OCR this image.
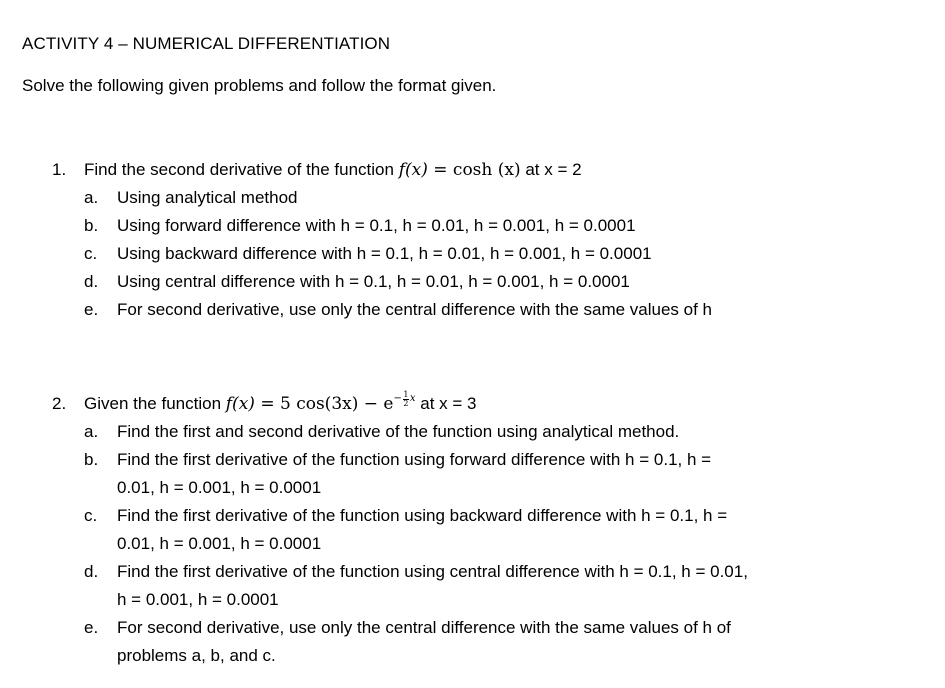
ACTIVITY 4 – NUMERICAL DIFFERENTIATION
Solve the following given problems and follow the format given.
1. Find the second derivative of the function f(x) = cosh (x) at x = 2
a.	Using analytical method
b.	Using forward difference with h = 0.1, h = 0.01, h = 0.001, h = 0.0001
c.	Using backward difference with h = 0.1, h = 0.01, h = 0.001, h = 0.0001
d.	Using central difference with h = 0.1, h = 0.01, h = 0.001, h = 0.0001
e.	For second derivative, use only the central difference with the same values of h
2. Given the function f(x) = 5 $\cos(3x) - e - \frac{1}{2}$ x at x = 3
a.	Find the first and second derivative of the function using analytical method.
b.	Find the first derivative of the function using forward difference with h = 0.1, h =
0.01, h = 0.001, h = 0.0001
c.	Find the first derivative of the function using backward difference with h = 0.1, h =
0.01, h = 0.001, h = 0.0001
d.	Find the first derivative of the function using central difference with h = 0.1, h = 0.01,
h = 0.001, h = 0.0001
e.	For second derivative, use only the central difference with the same values of h of
problems a, b, and c.
